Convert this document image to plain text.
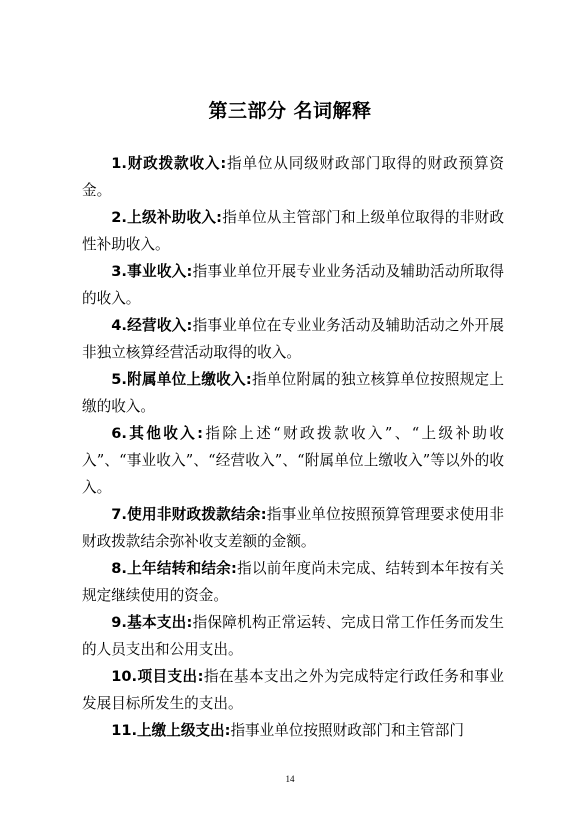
第三部分 名词解释

1.财政拨款收入:指单位从同级财政部门取得的财政预算资金。

2.上级补助收入:指单位从主管部门和上级单位取得的非财政性补助收入。

3.事业收入:指事业单位开展专业业务活动及辅助活动所取得的收入。

4.经营收入:指事业单位在专业业务活动及辅助活动之外开展非独立核算经营活动取得的收入。

5.附属单位上缴收入:指单位附属的独立核算单位按照规定上缴的收入。

6.其他收入:指除上述“财政拨款收入”、“上级补助收入”、“事业收入”、“经营收入”、“附属单位上缴收入”等以外的收入。

7.使用非财政拨款结余:指事业单位按照预算管理要求使用非财政拨款结余弥补收支差额的金额。

8.上年结转和结余:指以前年度尚未完成、结转到本年按有关规定继续使用的资金。

9.基本支出:指保障机构正常运转、完成日常工作任务而发生的人员支出和公用支出。

10.项目支出:指在基本支出之外为完成特定行政任务和事业发展目标所发生的支出。

11.上缴上级支出:指事业单位按照财政部门和主管部门

14
